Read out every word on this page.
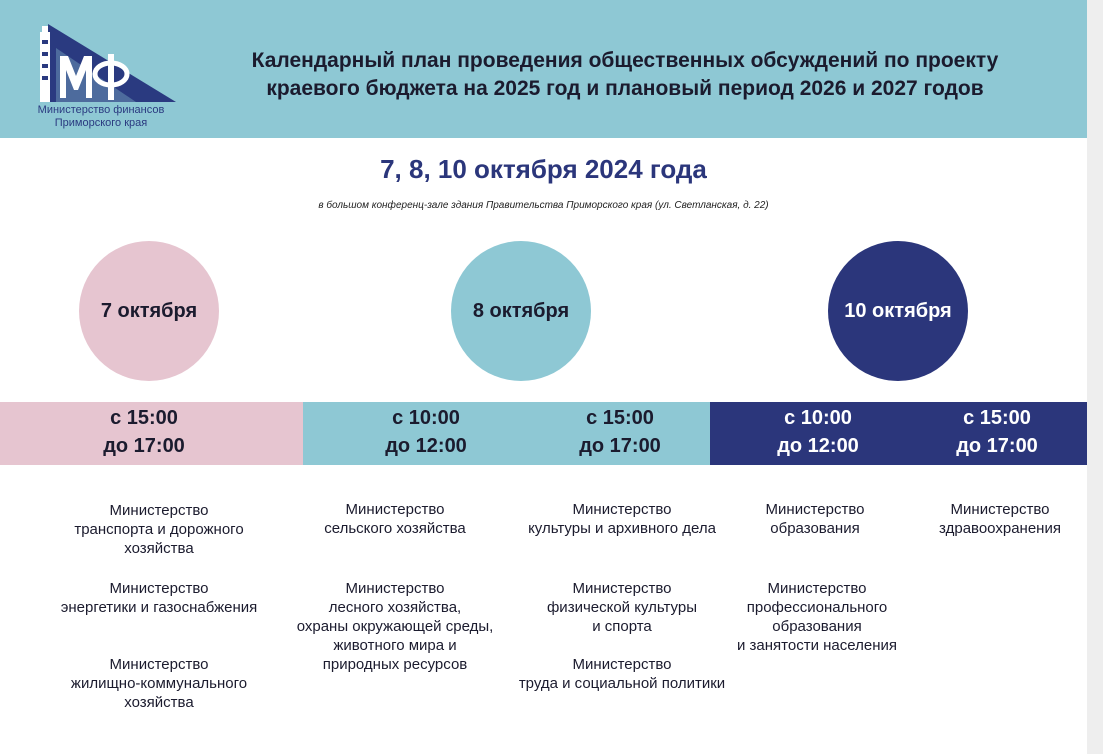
Министерство финансов
Приморского края
Календарный план проведения общественных обсуждений по проекту
краевого бюджета на 2025 год и плановый период 2026 и 2027 годов
7, 8, 10 октября 2024 года
в большом конференц-зале здания Правительства Приморского края (ул. Светланская, д. 22)
7 октября	8 октября	10 октября
с 15:00
до 17:00
с 10:00
до 12:00
с 15:00
до 17:00
с 10:00
до 12:00
с 15:00
до 17:00
Министерство
транспорта и дорожного
хозяйства
Министерство
энергетики и газоснабжения
Министерство
жилищно-коммунального
хозяйства
Министерство
сельского хозяйства
Министерство
лесного хозяйства,
охраны окружающей среды,
животного мира и
природных ресурсов
Министерство
культуры и архивного дела
Министерство
физической культуры
и спорта
Министерство
труда и социальной политики
Министерство
образования
Министерство
профессионального
образования
и занятости населения
Министерство
здравоохранения
